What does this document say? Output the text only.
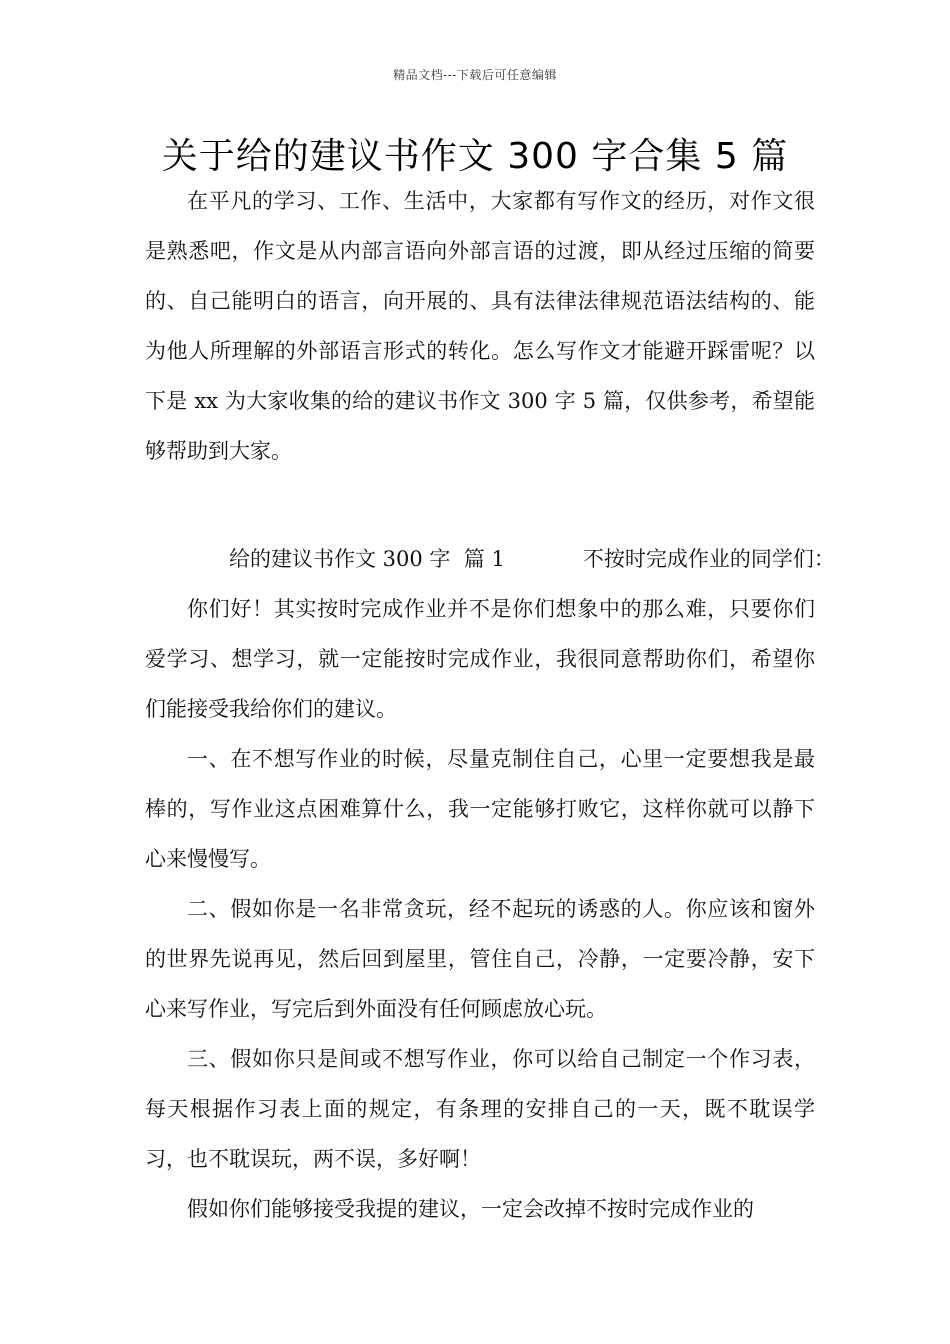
精品文档---下载后可任意编辑
关于给的建议书作文 300 字合集 5 篇

在平凡的学习、工作、生活中，大家都有写作文的经历，对作文很是熟悉吧，作文是从内部言语向外部言语的过渡，即从经过压缩的简要的、自己能明白的语言，向开展的、具有法律法律规范语法结构的、能为他人所理解的外部语言形式的转化。怎么写作文才能避开踩雷呢？以下是 xx 为大家收集的给的建议书作文 300 字 5 篇，仅供参考，希望能够帮助到大家。

给的建议书作文 300 字  篇 1	不按时完成作业的同学们：

你们好！其实按时完成作业并不是你们想象中的那么难，只要你们爱学习、想学习，就一定能按时完成作业，我很同意帮助你们，希望你们能接受我给你们的建议。

一、在不想写作业的时候，尽量克制住自己，心里一定要想我是最棒的，写作业这点困难算什么，我一定能够打败它，这样你就可以静下心来慢慢写。

二、假如你是一名非常贪玩，经不起玩的诱惑的人。你应该和窗外的世界先说再见，然后回到屋里，管住自己，冷静，一定要冷静，安下心来写作业，写完后到外面没有任何顾虑放心玩。

三、假如你只是间或不想写作业，你可以给自己制定一个作习表，每天根据作习表上面的规定，有条理的安排自己的一天，既不耽误学习，也不耽误玩，两不误，多好啊！

假如你们能够接受我提的建议，一定会改掉不按时完成作业的
